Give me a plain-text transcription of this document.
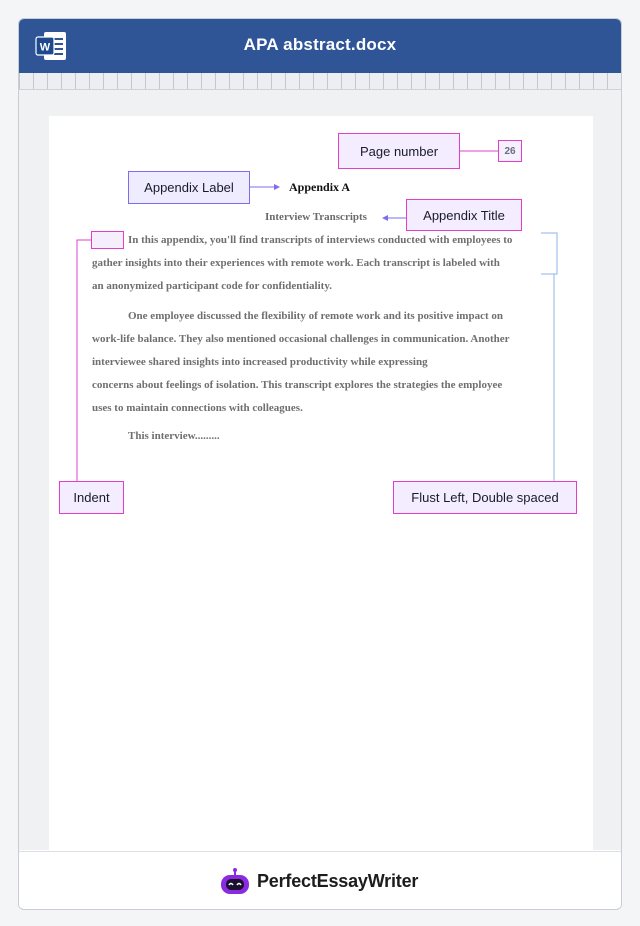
W	APA abstract.docx
PerfectEssayWriter
Appendix A
Interview Transcripts
In this appendix, you'll find transcripts of interviews conducted with employees to
gather insights into their experiences with remote work. Each transcript is labeled with
an anonymized participant code for confidentiality.
One employee discussed the flexibility of remote work and its positive impact on
work-life balance. They also mentioned occasional challenges in communication. Another
interviewee shared insights into increased productivity while expressing
concerns about feelings of isolation. This transcript explores the strategies the employee
uses to maintain connections with colleagues.
This interview.........
Page number	26
Appendix Label
Appendix Title
Indent	Flust Left, Double spaced
